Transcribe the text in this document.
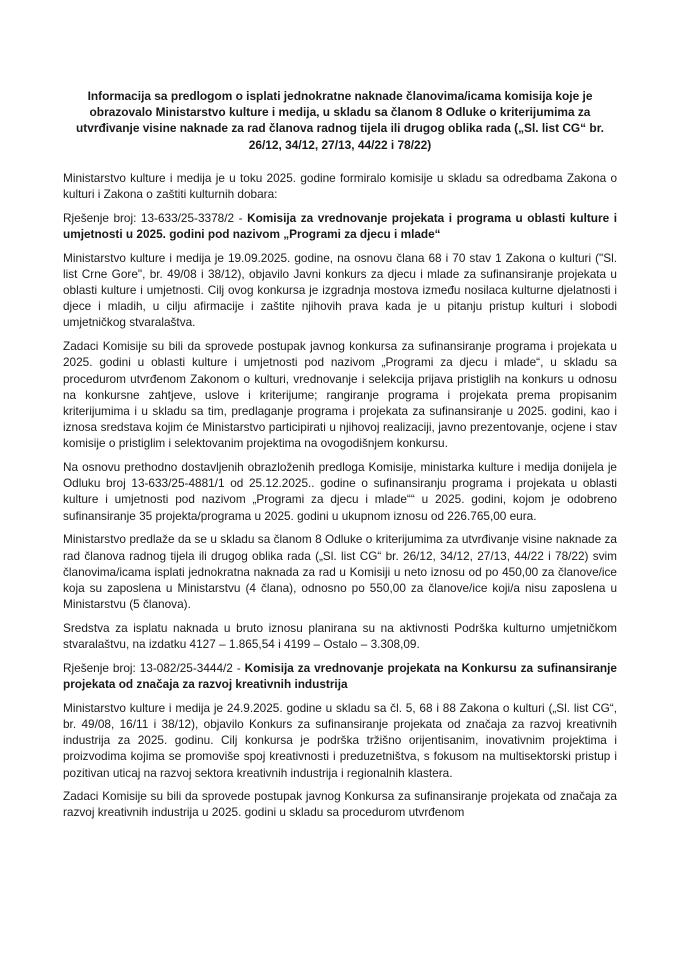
Informacija sa predlogom o isplati jednokratne naknade članovima/icama komisija koje je obrazovalo Ministarstvo kulture i medija, u skladu sa članom 8 Odluke o kriterijumima za utvrđivanje visine naknade za rad članova radnog tijela ili drugog oblika rada („Sl. list CG“ br. 26/12, 34/12, 27/13, 44/22 i 78/22)

Ministarstvo kulture i medija je u toku 2025. godine formiralo komisije u skladu sa odredbama Zakona o kulturi i Zakona o zaštiti kulturnih dobara:

Rješenje broj: 13-633/25-3378/2 - Komisija za vrednovanje projekata i programa u oblasti kulture i umjetnosti u 2025. godini pod nazivom „Programi za djecu i mlade“

Ministarstvo kulture i medija je 19.09.2025. godine, na osnovu člana 68 i 70 stav 1 Zakona o kulturi ("Sl. list Crne Gore", br. 49/08 i 38/12), objavilo Javni konkurs za djecu i mlade za sufinansiranje projekata u oblasti kulture i umjetnosti. Cilj ovog konkursa je izgradnja mostova između nosilaca kulturne djelatnosti i djece i mladih, u cilju afirmacije i zaštite njihovih prava kada je u pitanju pristup kulturi i slobodi umjetničkog stvaralaštva.

Zadaci Komisije su bili da sprovede postupak javnog konkursa za sufinansiranje programa i projekata u 2025. godini u oblasti kulture i umjetnosti pod nazivom „Programi za djecu i mlade“, u skladu sa procedurom utvrđenom Zakonom o kulturi, vrednovanje i selekcija prijava pristiglih na konkurs u odnosu na konkursne zahtjeve, uslove i kriterijume; rangiranje programa i projekata prema propisanim kriterijumima i u skladu sa tim, predlaganje programa i projekata za sufinansiranje u 2025. godini, kao i iznosa sredstava kojim će Ministarstvo participirati u njihovoj realizaciji, javno prezentovanje, ocjene i stav komisije o pristiglim i selektovanim projektima na ovogodišnjem konkursu.

Na osnovu prethodno dostavljenih obrazloženih predloga Komisije, ministarka kulture i medija donijela je Odluku broj 13-633/25-4881/1 od 25.12.2025.. godine o sufinansiranju programa i projekata u oblasti kulture i umjetnosti pod nazivom „Programi za djecu i mlade““ u 2025. godini, kojom je odobreno sufinansiranje 35 projekta/programa u 2025. godini u ukupnom iznosu od 226.765,00 eura.

Ministarstvo predlaže da se u skladu sa članom 8 Odluke o kriterijumima za utvrđivanje visine naknade za rad članova radnog tijela ili drugog oblika rada („Sl. list CG“ br. 26/12, 34/12, 27/13, 44/22 i 78/22) svim članovima/icama isplati jednokratna naknada za rad u Komisiji u neto iznosu od po 450,00 za članove/ice koja su zaposlena u Ministarstvu (4 člana), odnosno po 550,00 za članove/ice koji/a nisu zaposlena u Ministarstvu (5 članova).

Sredstva za isplatu naknada u bruto iznosu planirana su na aktivnosti Podrška kulturno umjetničkom stvaralaštvu, na izdatku 4127 – 1.865,54 i 4199 – Ostalo – 3.308,09.

Rješenje broj: 13-082/25-3444/2 - Komisija za vrednovanje projekata na Konkursu za sufinansiranje projekata od značaja za razvoj kreativnih industrija

Ministarstvo kulture i medija je 24.9.2025. godine u skladu sa čl. 5, 68 i 88 Zakona o kulturi („Sl. list CG“, br. 49/08, 16/11 i 38/12), objavilo Konkurs za sufinansiranje projekata od značaja za razvoj kreativnih industrija za 2025. godinu. Cilj konkursa je podrška tržišno orijentisanim, inovativnim projektima i proizvodima kojima se promoviše spoj kreativnosti i preduzetništva, s fokusom na multisektorski pristup i pozitivan uticaj na razvoj sektora kreativnih industrija i regionalnih klastera.

Zadaci Komisije su bili da sprovede postupak javnog Konkursa za sufinansiranje projekata od značaja za razvoj kreativnih industrija u 2025. godini u skladu sa procedurom utvrđenom
